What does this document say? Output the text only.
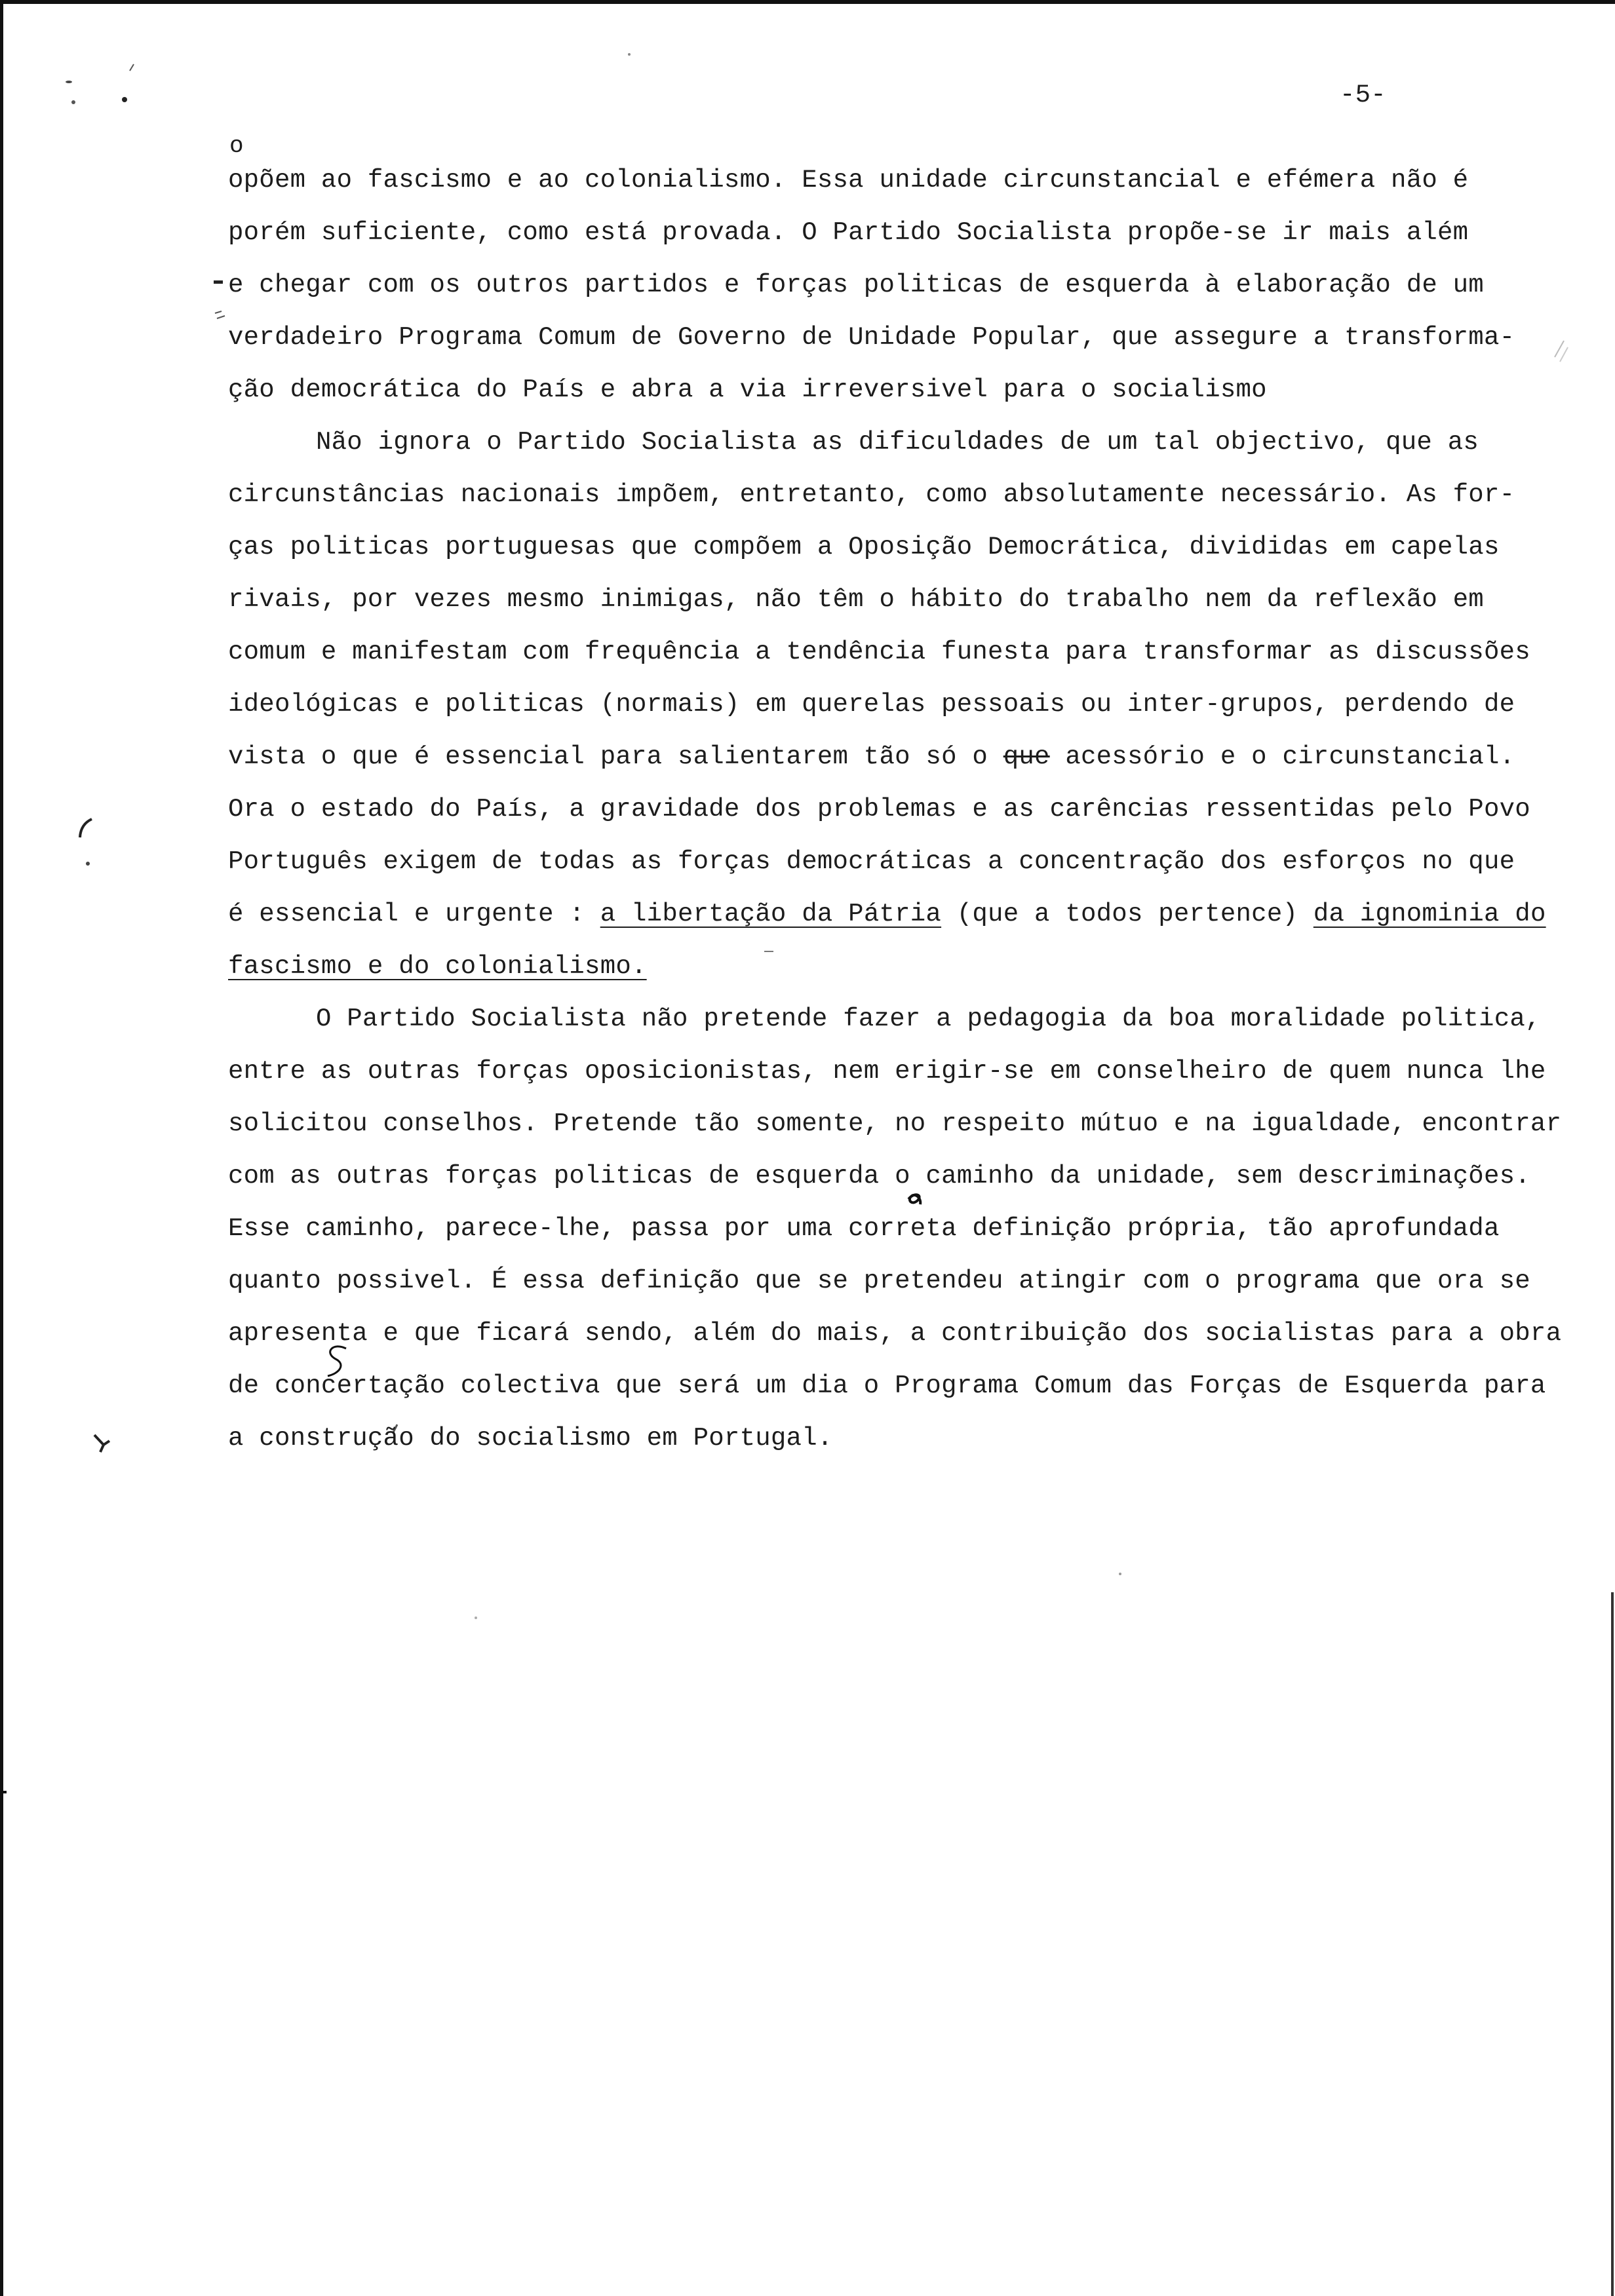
-5-
o
opõem ao fascismo e ao colonialismo. Essa unidade circunstancial e efémera não é
porém suficiente, como está provada. O Partido Socialista propõe-se ir mais além
e chegar com os outros partidos e forças politicas de esquerda à elaboração de um
verdadeiro Programa Comum de Governo de Unidade Popular, que assegure a transforma-
ção democrática do País e abra a via irreversivel para o socialismo
Não ignora o Partido Socialista as dificuldades de um tal objectivo, que as
circunstâncias nacionais impõem, entretanto, como absolutamente necessário. As for-
ças politicas portuguesas que compõem a Oposição Democrática, divididas em capelas
rivais, por vezes mesmo inimigas, não têm o hábito do trabalho nem da reflexão em
comum e manifestam com frequência a tendência funesta para transformar as discussões
ideológicas e politicas (normais) em querelas pessoais ou inter-grupos, perdendo de
vista o que é essencial para salientarem tão só o que acessório e o circunstancial.
Ora o estado do País, a gravidade dos problemas e as carências ressentidas pelo Povo
Português exigem de todas as forças democráticas a concentração dos esforços no que
é essencial e urgente : a libertação da Pátria (que a todos pertence) da ignominia do
fascismo e do colonialismo.
O Partido Socialista não pretende fazer a pedagogia da boa moralidade politica,
entre as outras forças oposicionistas, nem erigir-se em conselheiro de quem nunca lhe
solicitou conselhos. Pretende tão somente, no respeito mútuo e na igualdade, encontrar
com as outras forças politicas de esquerda o caminho da unidade, sem descriminações.
Esse caminho, parece-lhe, passa por uma correta definição própria, tão aprofundada
quanto possivel. É essa definição que se pretendeu atingir com o programa que ora se
apresenta e que ficará sendo, além do mais, a contribuição dos socialistas para a obra
de concertação colectiva que será um dia o Programa Comum das Forças de Esquerda para
a construção do socialismo em Portugal.
